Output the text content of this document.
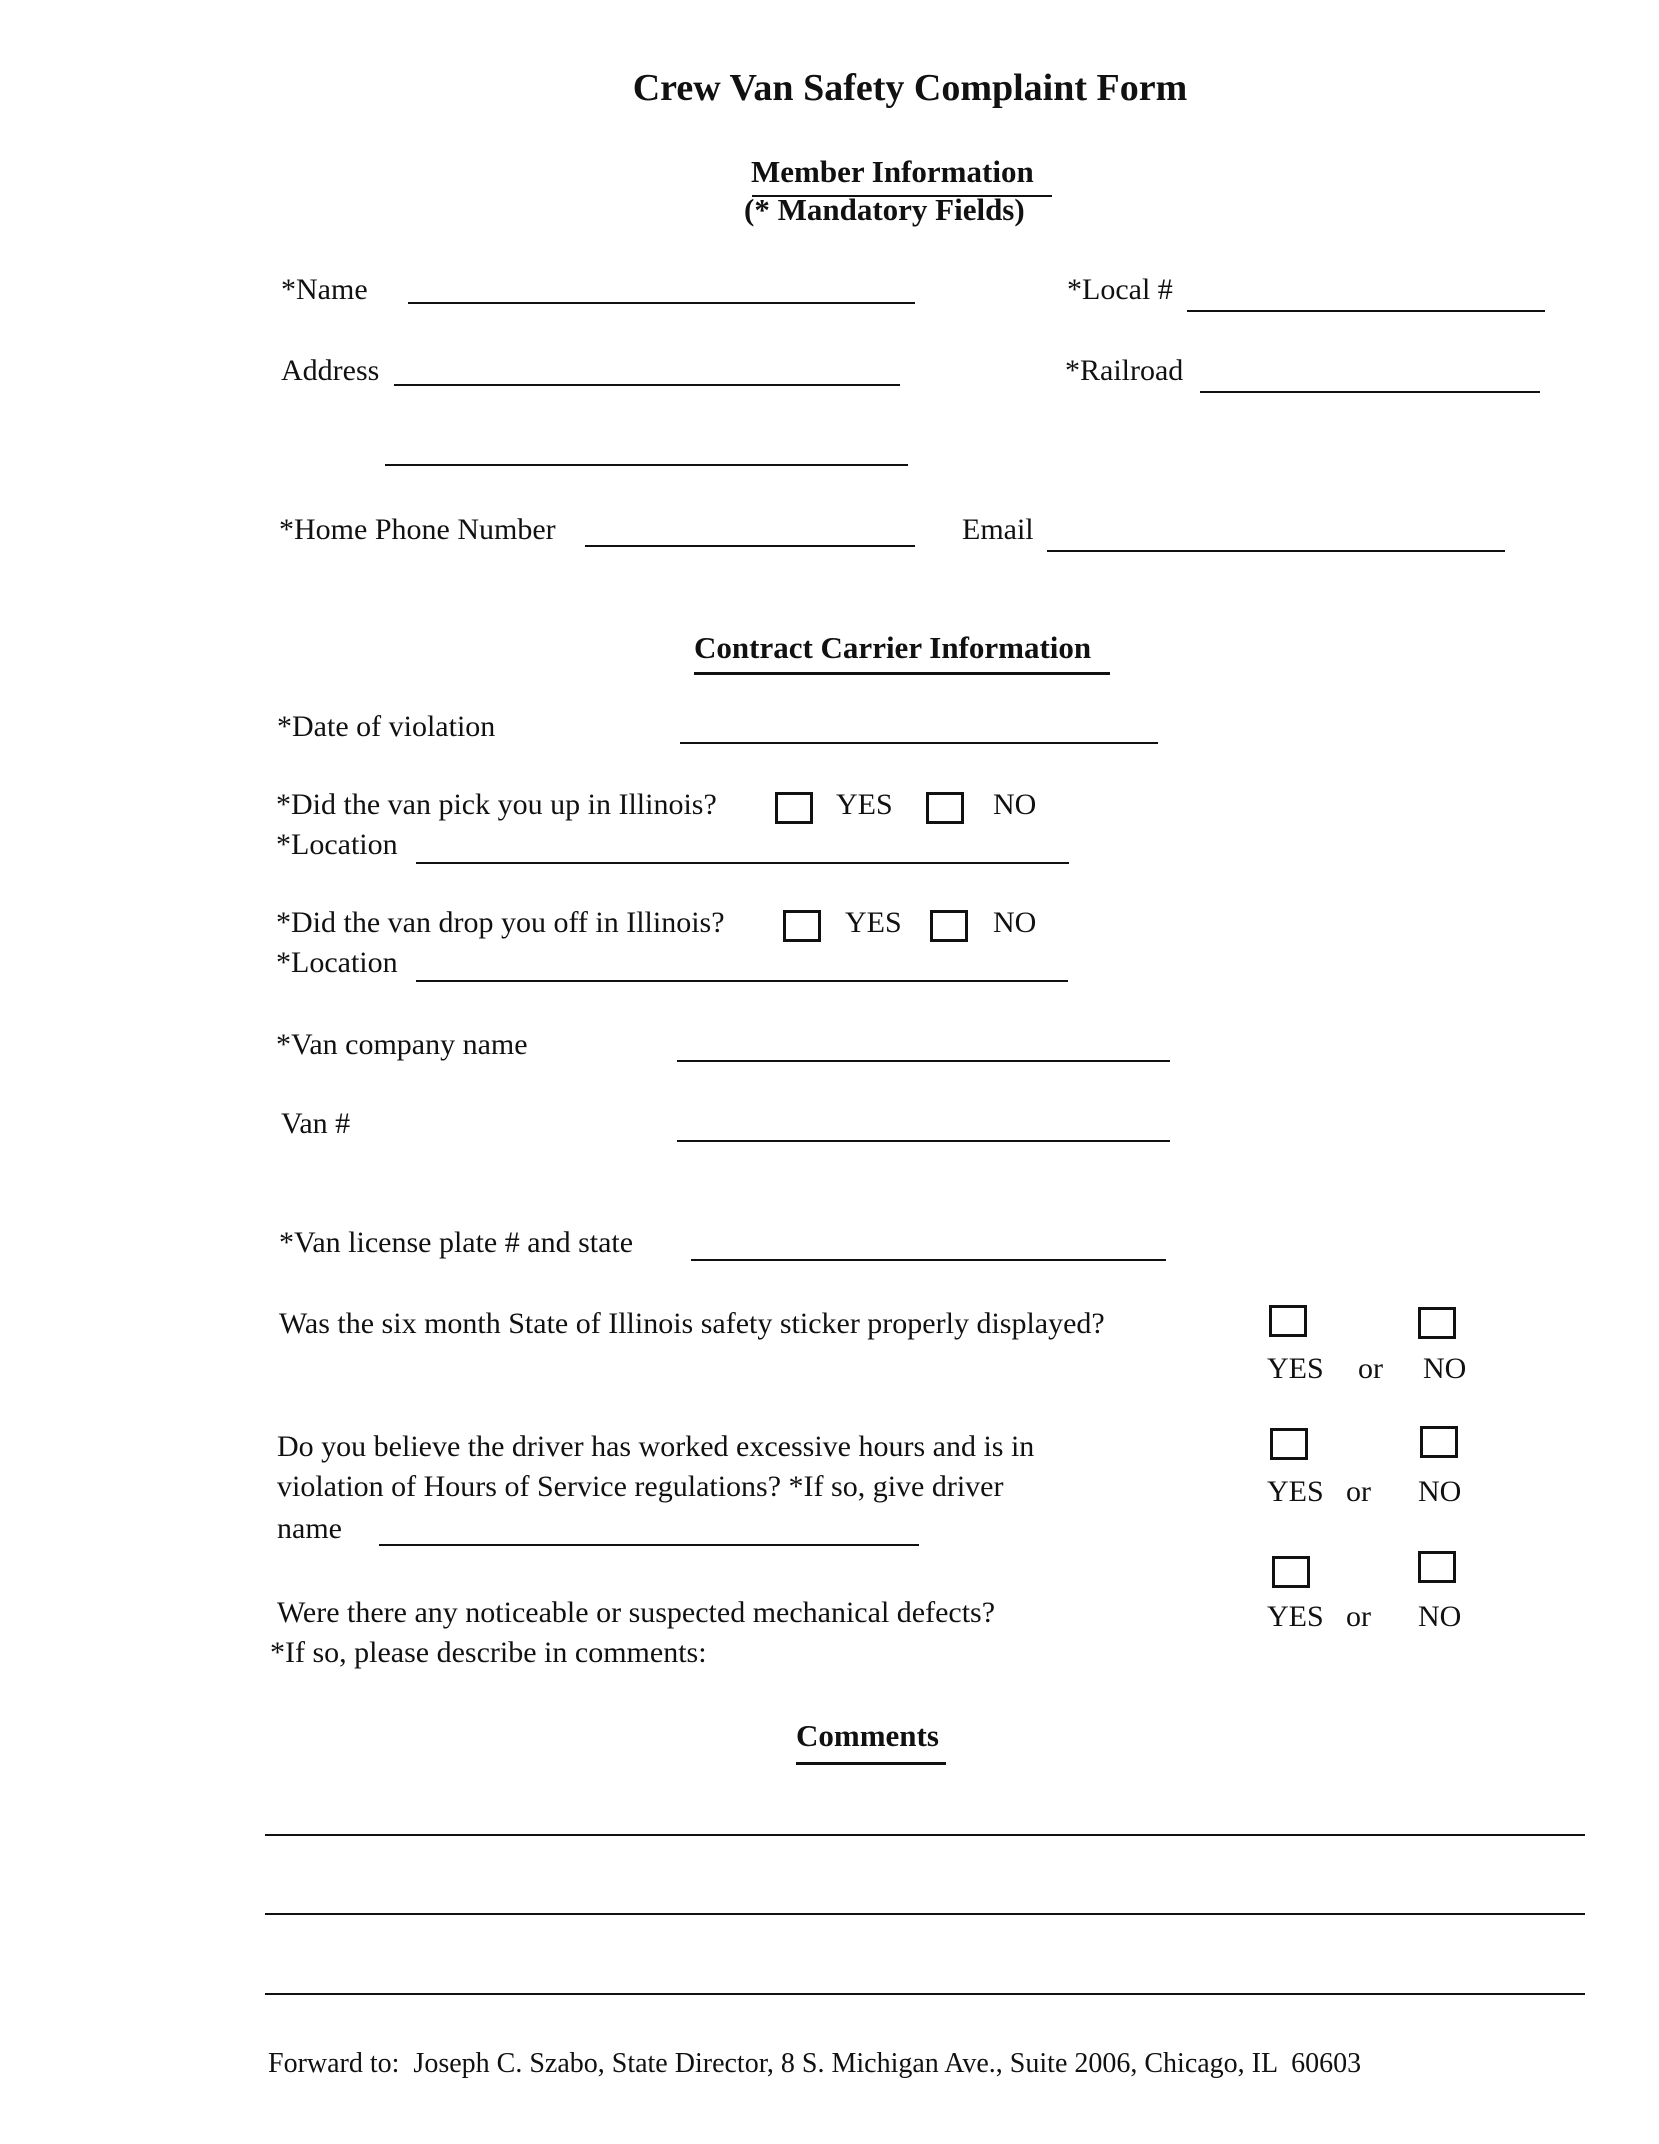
Crew Van Safety Complaint Form
Member Information
(* Mandatory Fields)
*Name	*Local #
Address	*Railroad
*Home Phone Number	Email
Contract Carrier Information
*Date of violation
*Did the van pick you up in Illinois?	YES	NO
*Location
*Did the van drop you off in Illinois?	YES	NO
*Location
*Van company name
Van #
*Van license plate # and state
Was the six month State of Illinois safety sticker properly displayed?
YES or NO
Do you believe the driver has worked excessive hours and is in
violation of Hours of Service regulations? *If so, give driver
name
YES or NO
Were there any noticeable or suspected mechanical defects?
*If so, please describe in comments:
YES or NO
Comments
Forward to:  Joseph C. Szabo, State Director, 8 S. Michigan Ave., Suite 2006, Chicago, IL  60603
